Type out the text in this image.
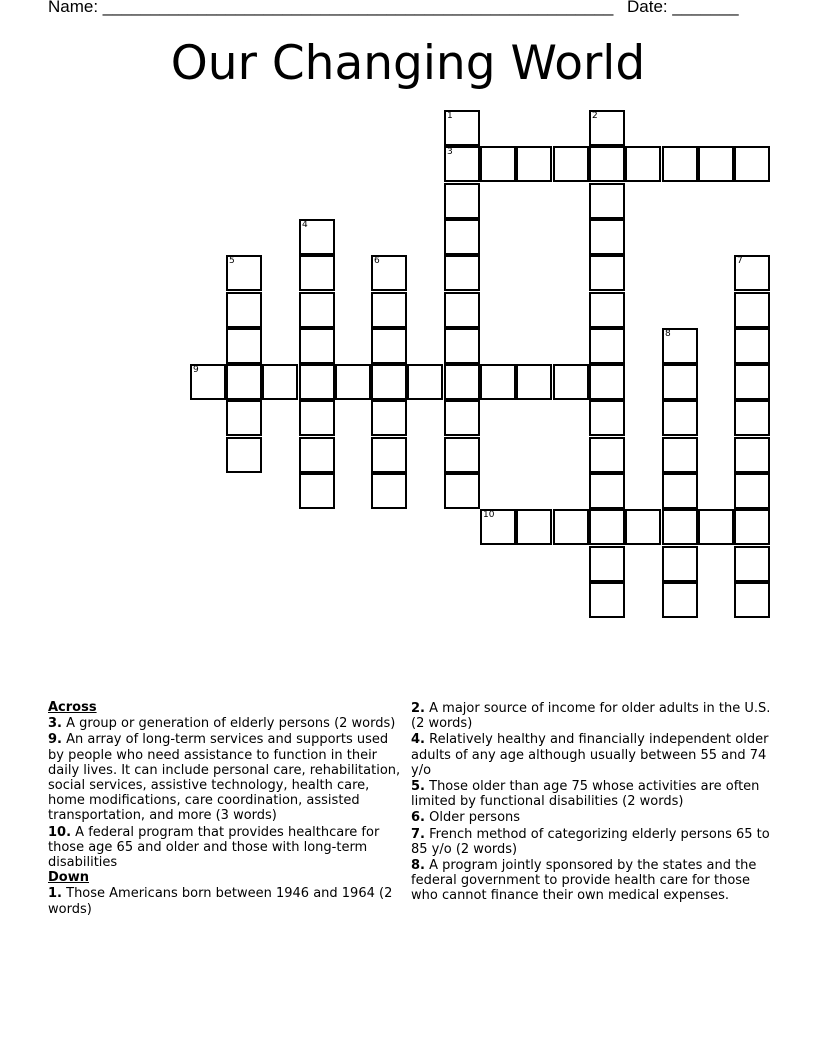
Name: ______________________________________________________ Date: _______
Our Changing World
3
9
10
1	2
4
5	6	7
8
Across
3. A group or generation of elderly persons (2 words)
9. An array of long-term services and supports used by people who need assistance to function in their daily lives. It can include personal care, rehabilitation, social services, assistive technology, health care, home modifications, care coordination, assisted transportation, and more (3 words)
10. A federal program that provides healthcare for those age 65 and older and those with long-term disabilities
Down
1. Those Americans born between 1946 and 1964 (2 words)
2. A major source of income for older adults in the U.S. (2 words)
4. Relatively healthy and financially independent older adults of any age although usually between 55 and 74 y/o
5. Those older than age 75 whose activities are often limited by functional disabilities (2 words)
6. Older persons
7. French method of categorizing elderly persons 65 to 85 y/o (2 words)
8. A program jointly sponsored by the states and the federal government to provide health care for those who cannot finance their own medical expenses.
